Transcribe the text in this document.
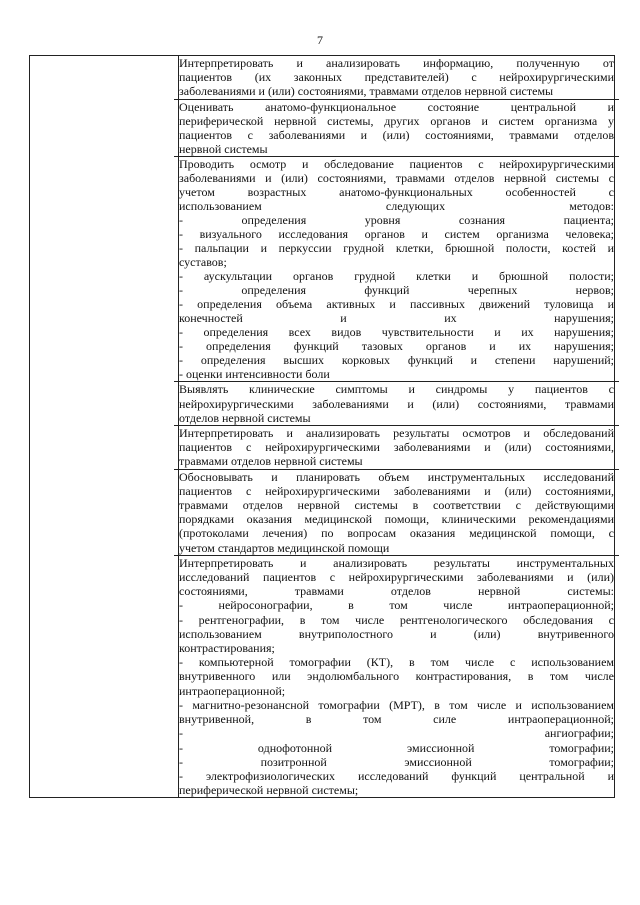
7

Интерпретировать и анализировать информацию, полученную от
пациентов (их законных представителей) с нейрохирургическими
заболеваниями и (или) состояниями, травмами отделов нервной системы
Оценивать анатомо-функциональное состояние центральной и
периферической нервной системы, других органов и систем организма у
пациентов с заболеваниями и (или) состояниями, травмами отделов
нервной системы
Проводить осмотр и обследование пациентов с нейрохирургическими
заболеваниями и (или) состояниями, травмами отделов нервной системы с
учетом возрастных анатомо-функциональных особенностей с
использованием следующих методов:
- определения уровня сознания пациента;
- визуального исследования органов и систем организма человека;
- пальпации и перкуссии грудной клетки, брюшной полости, костей и
суставов;
- аускультации органов грудной клетки и брюшной полости;
- определения функций черепных нервов;
- определения объема активных и пассивных движений туловища и
конечностей и их нарушения;
- определения всех видов чувствительности и их нарушения;
- определения функций тазовых органов и их нарушения;
- определения высших корковых функций и степени нарушений;
- оценки интенсивности боли
Выявлять клинические симптомы и синдромы у пациентов с
нейрохирургическими заболеваниями и (или) состояниями, травмами
отделов нервной системы
Интерпретировать и анализировать результаты осмотров и обследований
пациентов с нейрохирургическими заболеваниями и (или) состояниями,
травмами отделов нервной системы
Обосновывать и планировать объем инструментальных исследований
пациентов с нейрохирургическими заболеваниями и (или) состояниями,
травмами отделов нервной системы в соответствии с действующими
порядками оказания медицинской помощи, клиническими рекомендациями
(протоколами лечения) по вопросам оказания медицинской помощи, с
учетом стандартов медицинской помощи
Интерпретировать и анализировать результаты инструментальных
исследований пациентов с нейрохирургическими заболеваниями и (или)
состояниями, травмами отделов нервной системы:
- нейросонографии, в том числе интраоперационной;
- рентгенографии, в том числе рентгенологического обследования с
использованием внутриполостного и (или) внутривенного
контрастирования;
- компьютерной томографии (КТ), в том числе с использованием
внутривенного или эндолюмбального контрастирования, в том числе
интраоперационной;
- магнитно-резонансной томографии (МРТ), в том числе и использованием
внутривенной, в том силе интраоперационной;
- ангиографии;
- однофотонной эмиссионной томографии;
- позитронной эмиссионной томографии;
- электрофизиологических исследований функций центральной и
периферической нервной системы;
